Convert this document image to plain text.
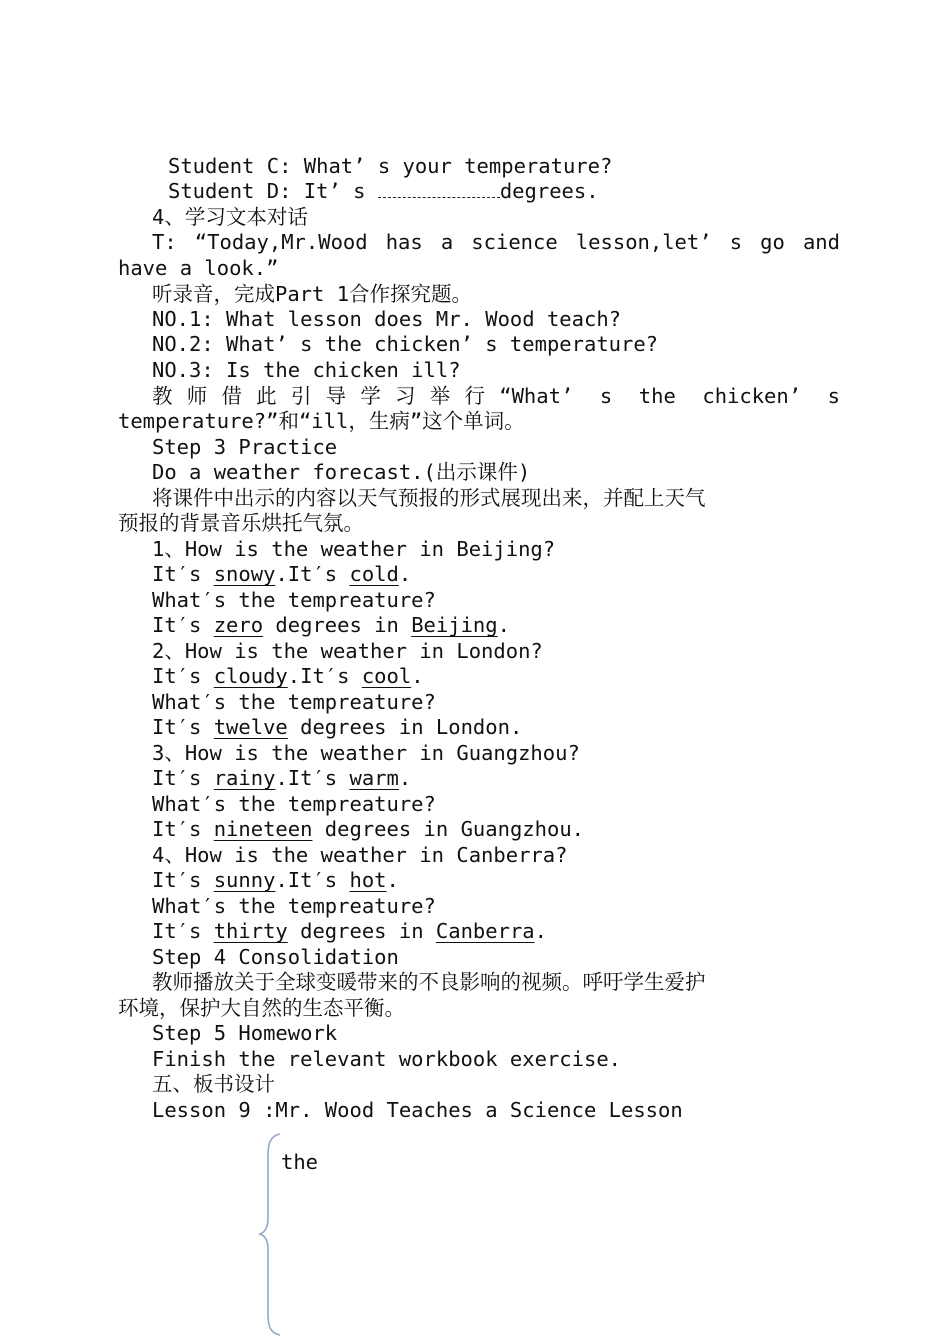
Student C: What’ s your temperature?
Student D: It’ s	degrees.
4、学习文本对话
T: “Today,Mr.Wood has a science lesson,let’ s go and
have a look.”
听录音，完成Part 1合作探究题。
NO.1: What lesson does Mr. Wood teach?
NO.2: What’ s the chicken’ s temperature?
NO.3: Is the chicken ill?
教师借此引导学习举行“What’ s the chicken’ s
temperature?”和“ill，生病”这个单词。
Step 3 Practice
Do a weather forecast.(出示课件)
将课件中出示的内容以天气预报的形式展现出来，并配上天气
预报的背景音乐烘托气氛。
1、How is the weather in Beijing?
It′s snowy.It′s cold.
What′s the tempreature?
It′s zero degrees in Beijing.
2、How is the weather in London?
It′s cloudy.It′s cool.
What′s the tempreature?
It′s twelve degrees in London.
3、How is the weather in Guangzhou?
It′s rainy.It′s warm.
What′s the tempreature?
It′s nineteen degrees in Guangzhou.
4、How is the weather in Canberra?
It′s sunny.It′s hot.
What′s the tempreature?
It′s thirty degrees in Canberra.
Step 4 Consolidation
教师播放关于全球变暖带来的不良影响的视频。呼吁学生爱护
环境，保护大自然的生态平衡。
Step 5 Homework
Finish the relevant workbook exercise.
五、板书设计
Lesson 9 :Mr. Wood Teaches a Science Lesson
the
